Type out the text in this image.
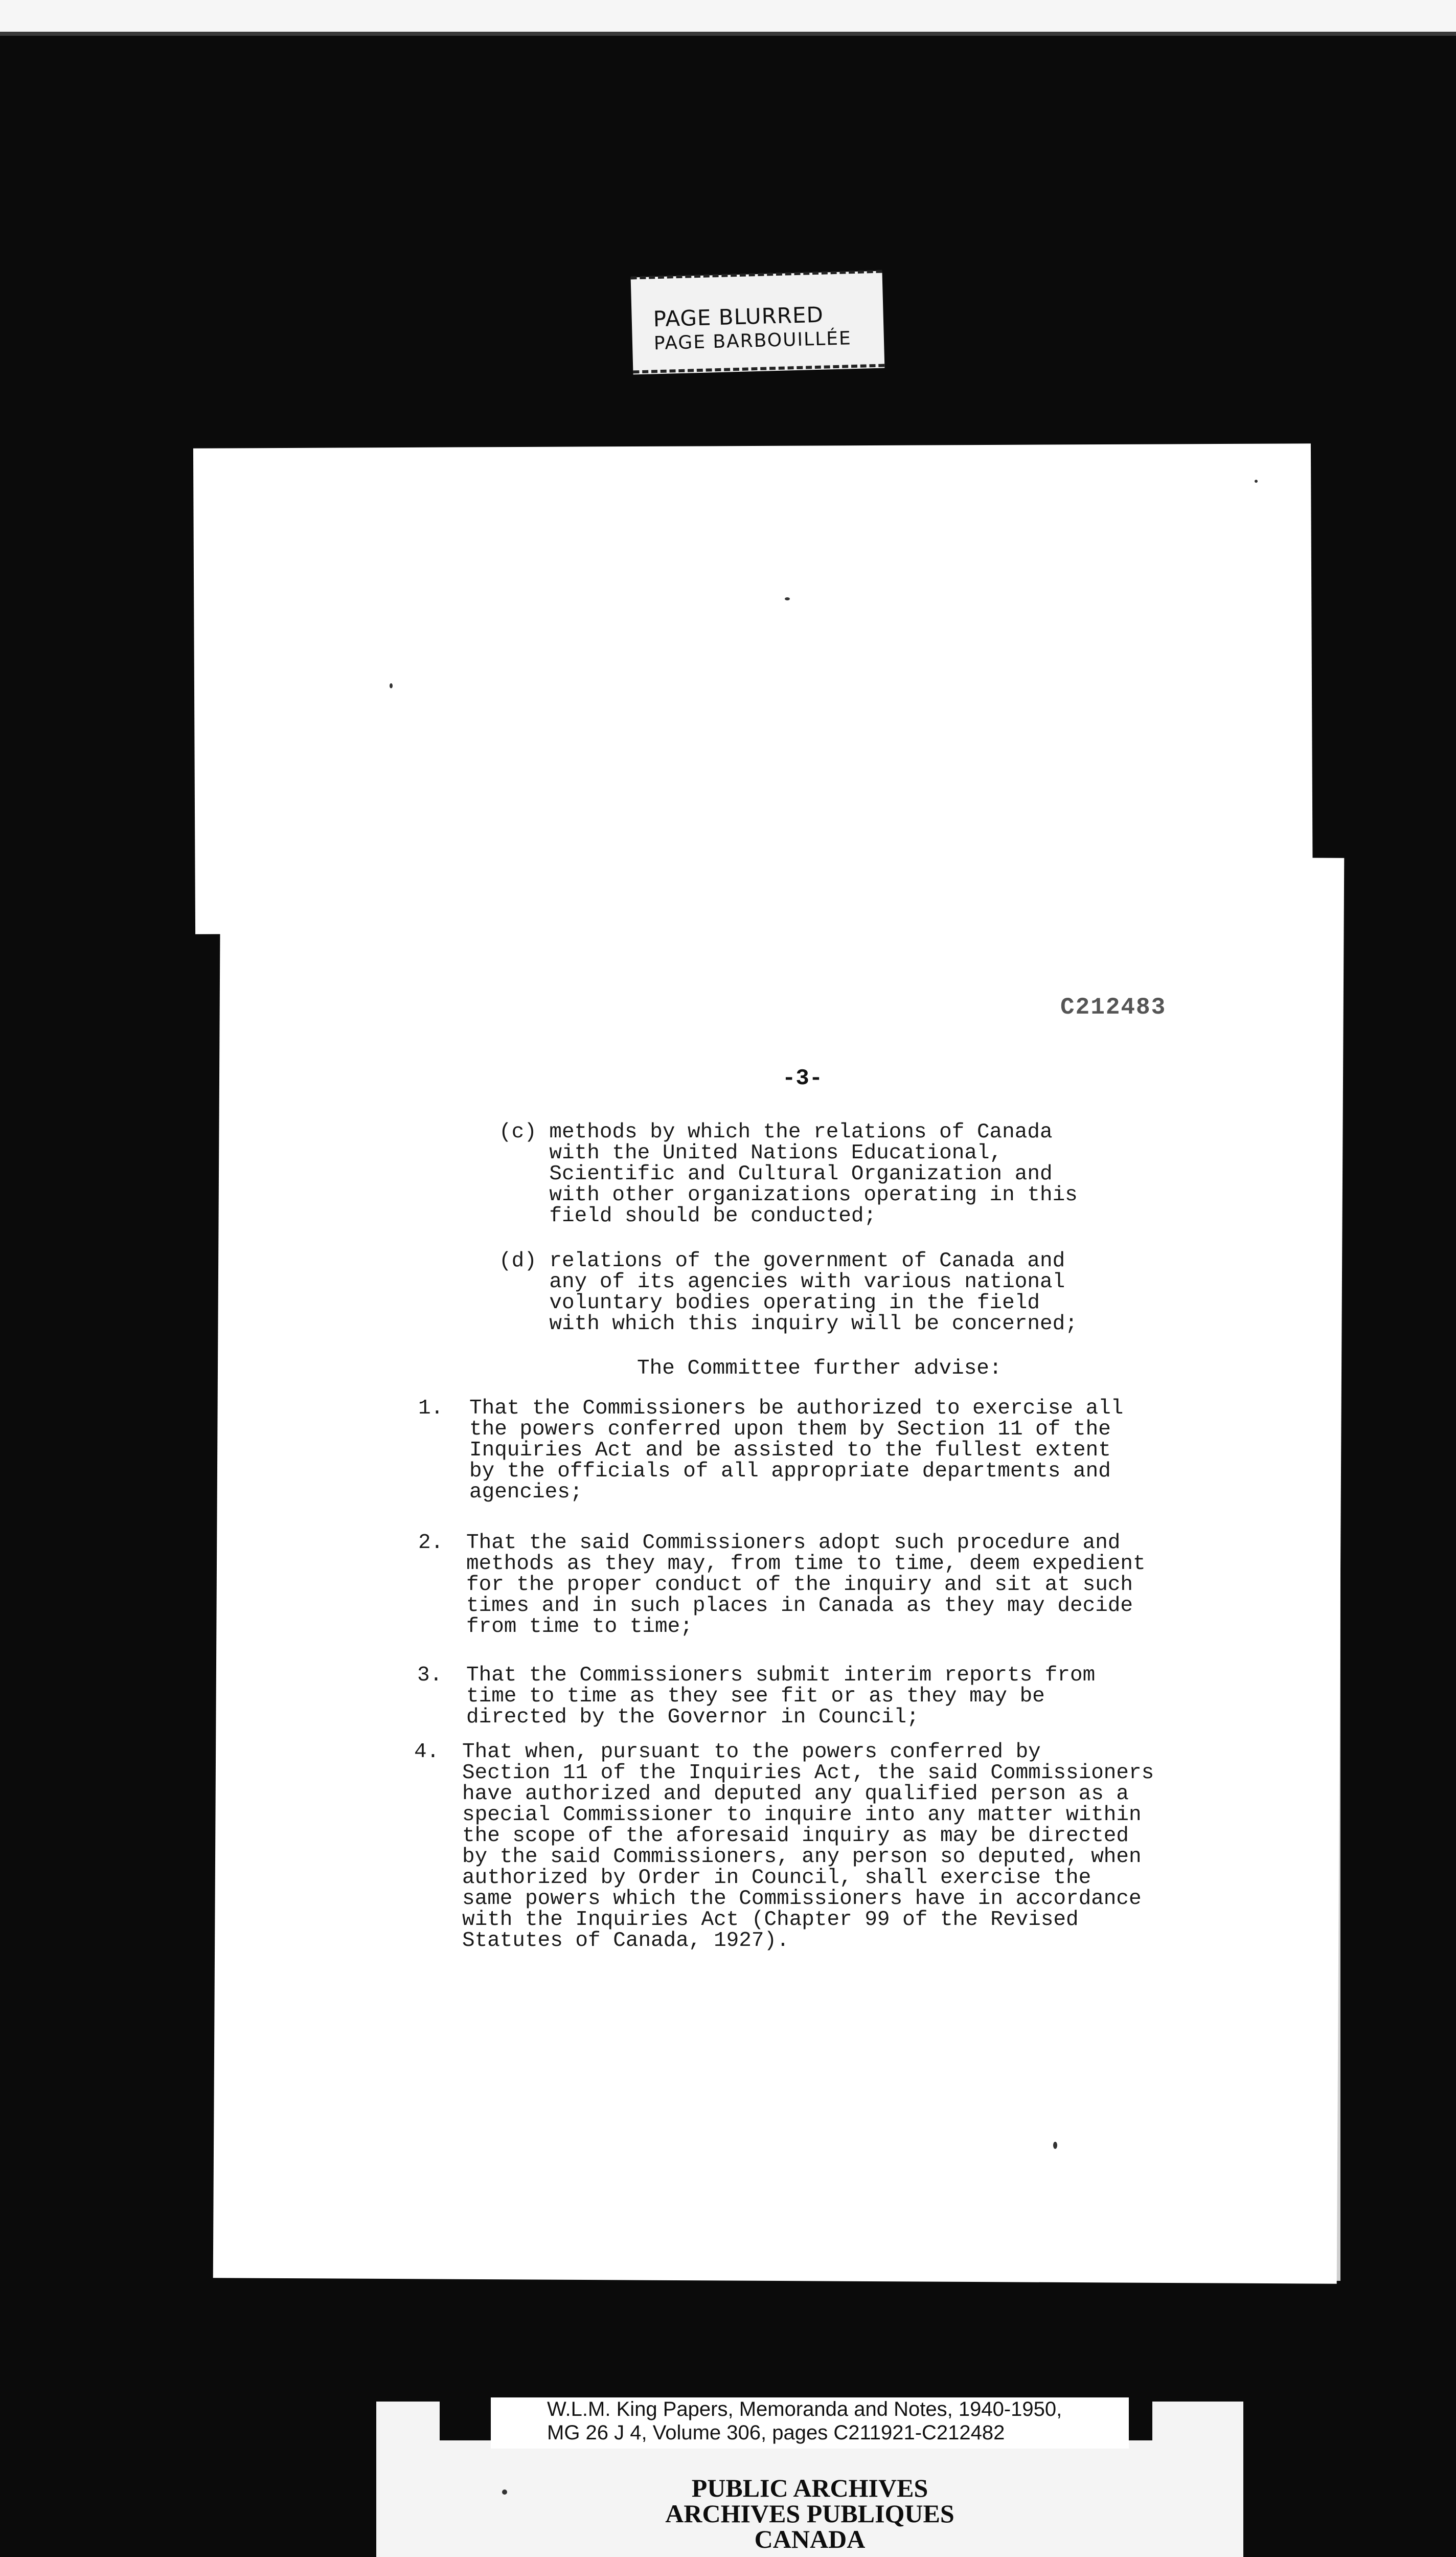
PAGE BLURRED
PAGE BARBOUILLÉE
C212483
-3-
(c) methods by which the relations of Canada
with the United Nations Educational,
Scientific and Cultural Organization and
with other organizations operating in this
field should be conducted;
(d) relations of the government of Canada and
any of its agencies with various national
voluntary bodies operating in the field
with which this inquiry will be concerned;
The Committee further advise:
1. That the Commissioners be authorized to exercise all
the powers conferred upon them by Section 11 of the
Inquiries Act and be assisted to the fullest extent
by the officials of all appropriate departments and
agencies;
2. That the said Commissioners adopt such procedure and
methods as they may, from time to time, deem expedient
for the proper conduct of the inquiry and sit at such
times and in such places in Canada as they may decide
from time to time;
3. That the Commissioners submit interim reports from
time to time as they see fit or as they may be
directed by the Governor in Council;
4. That when, pursuant to the powers conferred by
Section 11 of the Inquiries Act, the said Commissioners
have authorized and deputed any qualified person as a
special Commissioner to inquire into any matter within
the scope of the aforesaid inquiry as may be directed
by the said Commissioners, any person so deputed, when
authorized by Order in Council, shall exercise the
same powers which the Commissioners have in accordance
with the Inquiries Act (Chapter 99 of the Revised
Statutes of Canada, 1927).
W.L.M. King Papers, Memoranda and Notes, 1940-1950,
MG 26 J 4, Volume 306, pages C211921-C212482
PUBLIC ARCHIVES
ARCHIVES PUBLIQUES
CANADA
